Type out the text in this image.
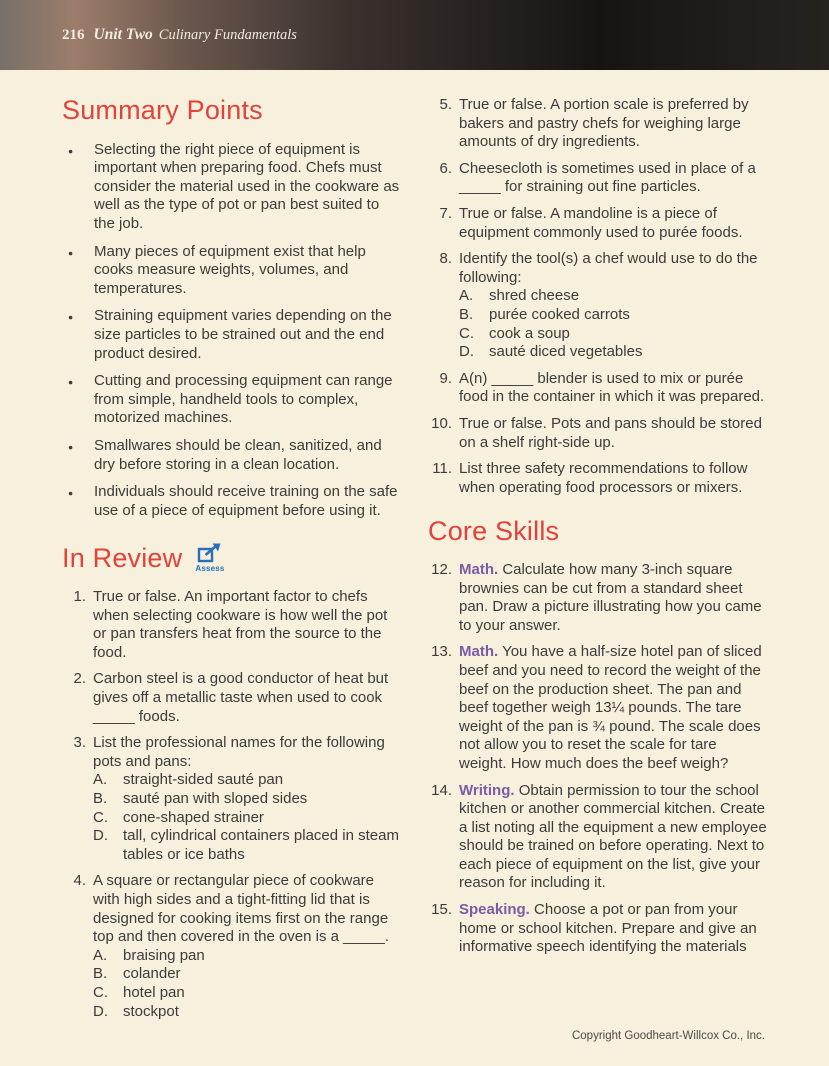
216 Unit Two Culinary Fundamentals
Summary Points
● Selecting the right piece of equipment is important when preparing food. Chefs must consider the material used in the cookware as well as the type of pot or pan best suited to the job.
● Many pieces of equipment exist that help cooks measure weights, volumes, and temperatures.
● Straining equipment varies depending on the size particles to be strained out and the end product desired.
● Cutting and processing equipment can range from simple, handheld tools to complex, motorized machines.
● Smallwares should be clean, sanitized, and dry before storing in a clean location.
● Individuals should receive training on the safe use of a piece of equipment before using it.
In Review Assess
1. True or false. An important factor to chefs when selecting cookware is how well the pot or pan transfers heat from the source to the food.
2. Carbon steel is a good conductor of heat but gives off a metallic taste when used to cook _____ foods.
3. List the professional names for the following pots and pans:
A.	straight-sided sauté pan
B.	sauté pan with sloped sides
C.	cone-shaped strainer
D.	tall, cylindrical containers placed in steam tables or ice baths
4. A square or rectangular piece of cookware with high sides and a tight-fitting lid that is designed for cooking items first on the range top and then covered in the oven is a _____.
A.	braising pan
B.	colander
C.	hotel pan
D.	stockpot
5. True or false. A portion scale is preferred by bakers and pastry chefs for weighing large amounts of dry ingredients.
6. Cheesecloth is sometimes used in place of a _____ for straining out fine particles.
7. True or false. A mandoline is a piece of equipment commonly used to purée foods.
8. Identify the tool(s) a chef would use to do the following:
A.	shred cheese
B.	purée cooked carrots
C.	cook a soup
D.	sauté diced vegetables
9. A(n) _____ blender is used to mix or purée food in the container in which it was prepared.
10. True or false. Pots and pans should be stored on a shelf right-side up.
11. List three safety recommendations to follow when operating food processors or mixers.
Core Skills
12. Math. Calculate how many 3-inch square brownies can be cut from a standard sheet pan. Draw a picture illustrating how you came to your answer.
13. Math. You have a half-size hotel pan of sliced beef and you need to record the weight of the beef on the production sheet. The pan and beef together weigh 13¼ pounds. The tare weight of the pan is ¾ pound. The scale does not allow you to reset the scale for tare weight. How much does the beef weigh?
14. Writing. Obtain permission to tour the school kitchen or another commercial kitchen. Create a list noting all the equipment a new employee should be trained on before operating. Next to each piece of equipment on the list, give your reason for including it.
15. Speaking. Choose a pot or pan from your home or school kitchen. Prepare and give an informative speech identifying the materials
Copyright Goodheart-Willcox Co., Inc.
